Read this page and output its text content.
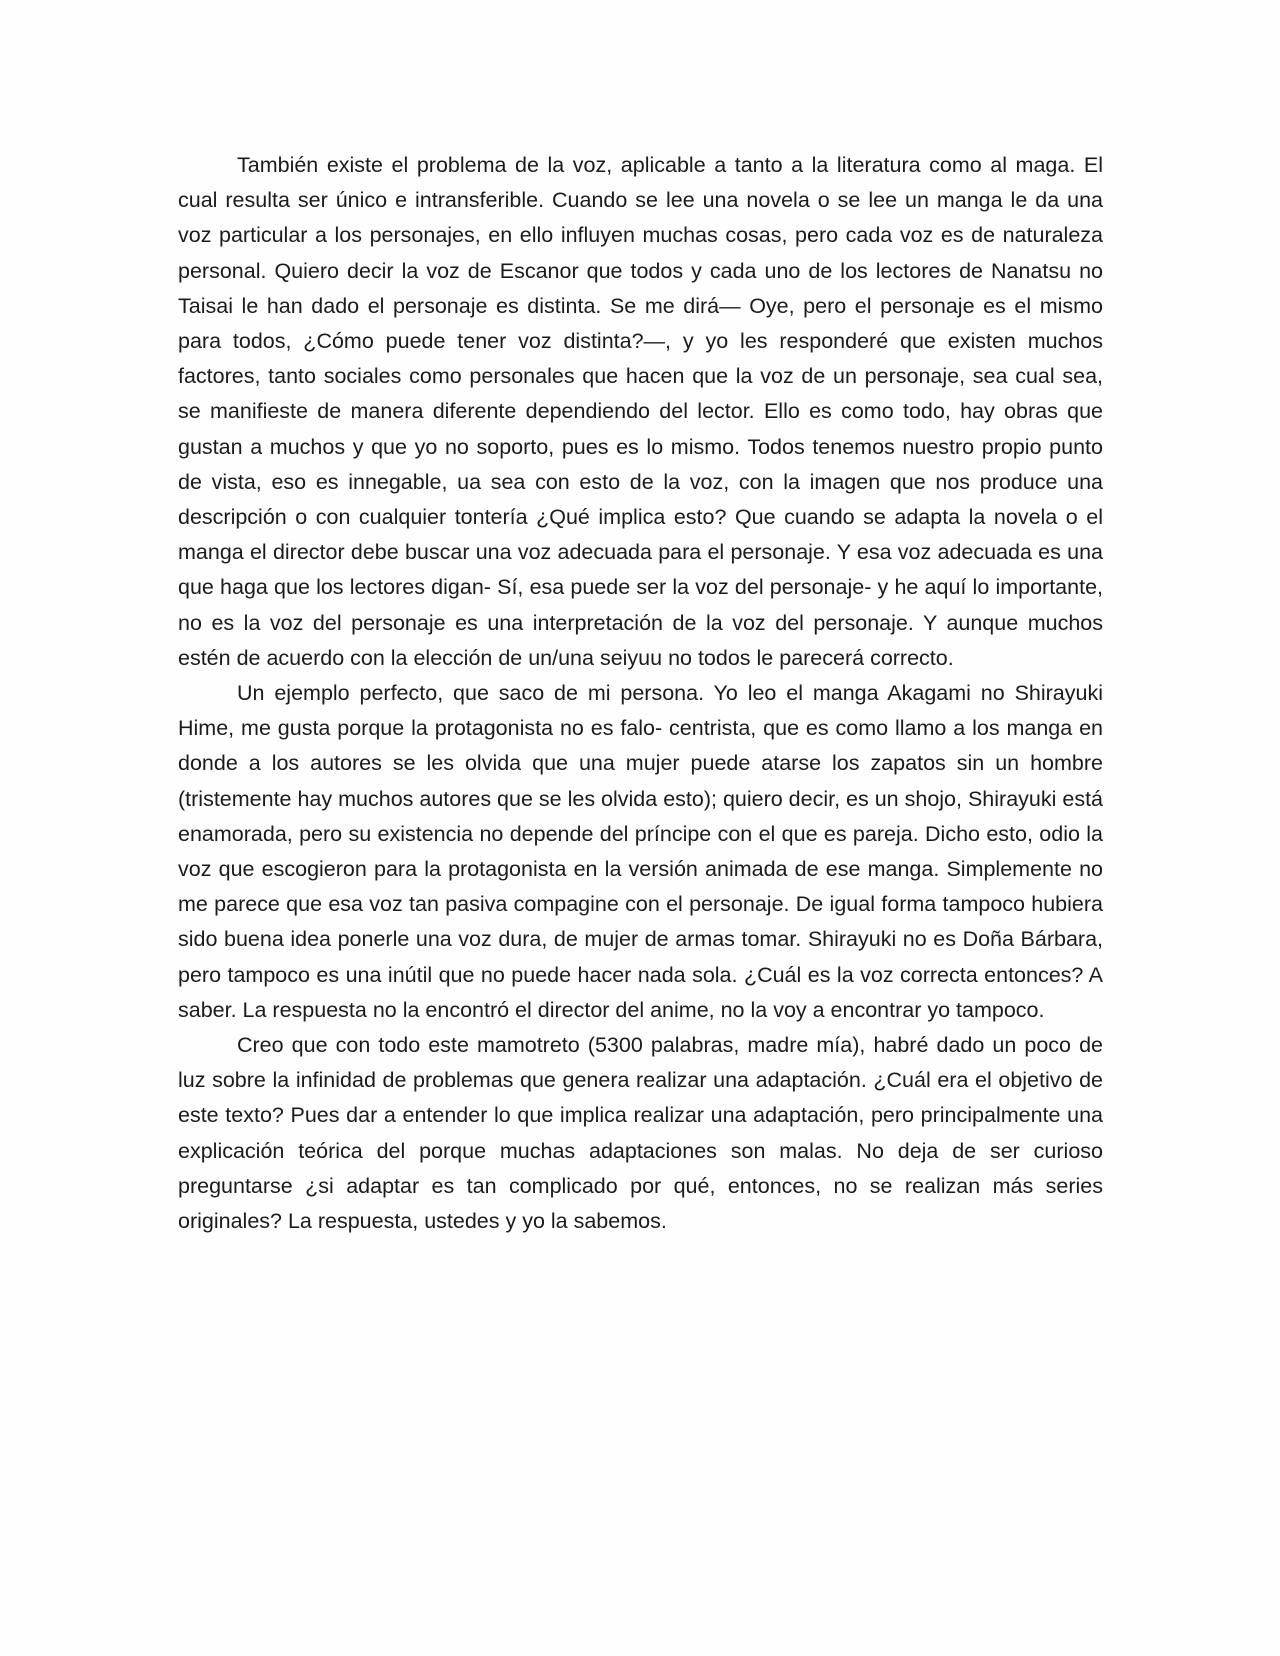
También existe el problema de la voz, aplicable a tanto a la literatura como al maga. El cual resulta ser único e intransferible. Cuando se lee una novela o se lee un manga le da una voz particular a los personajes, en ello influyen muchas cosas, pero cada voz es de naturaleza personal. Quiero decir la voz de Escanor que todos y cada uno de los lectores de Nanatsu no Taisai le han dado el personaje es distinta. Se me dirá— Oye, pero el personaje es el mismo para todos, ¿Cómo puede tener voz distinta?—, y yo les responderé que existen muchos factores, tanto sociales como personales que hacen que la voz de un personaje, sea cual sea, se manifieste de manera diferente dependiendo del lector. Ello es como todo, hay obras que gustan a muchos y que yo no soporto, pues es lo mismo. Todos tenemos nuestro propio punto de vista, eso es innegable, ua sea con esto de la voz, con la imagen que nos produce una descripción o con cualquier tontería ¿Qué implica esto? Que cuando se adapta la novela o el manga el director debe buscar una voz adecuada para el personaje. Y esa voz adecuada es una que haga que los lectores digan- Sí, esa puede ser la voz del personaje- y he aquí lo importante, no es la voz del personaje es una interpretación de la voz del personaje. Y aunque muchos estén de acuerdo con la elección de un/una seiyuu no todos le parecerá correcto.

Un ejemplo perfecto, que saco de mi persona. Yo leo el manga Akagami no Shirayuki Hime, me gusta porque la protagonista no es falo- centrista, que es como llamo a los manga en donde a los autores se les olvida que una mujer puede atarse los zapatos sin un hombre (tristemente hay muchos autores que se les olvida esto); quiero decir, es un shojo, Shirayuki está enamorada, pero su existencia no depende del príncipe con el que es pareja. Dicho esto, odio la voz que escogieron para la protagonista en la versión animada de ese manga. Simplemente no me parece que esa voz tan pasiva compagine con el personaje. De igual forma tampoco hubiera sido buena idea ponerle una voz dura, de mujer de armas tomar. Shirayuki no es Doña Bárbara, pero tampoco es una inútil que no puede hacer nada sola. ¿Cuál es la voz correcta entonces? A saber. La respuesta no la encontró el director del anime, no la voy a encontrar yo tampoco.

Creo que con todo este mamotreto (5300 palabras, madre mía), habré dado un poco de luz sobre la infinidad de problemas que genera realizar una adaptación. ¿Cuál era el objetivo de este texto? Pues dar a entender lo que implica realizar una adaptación, pero principalmente una explicación teórica del porque muchas adaptaciones son malas. No deja de ser curioso preguntarse ¿si adaptar es tan complicado por qué, entonces, no se realizan más series originales? La respuesta, ustedes y yo la sabemos.
